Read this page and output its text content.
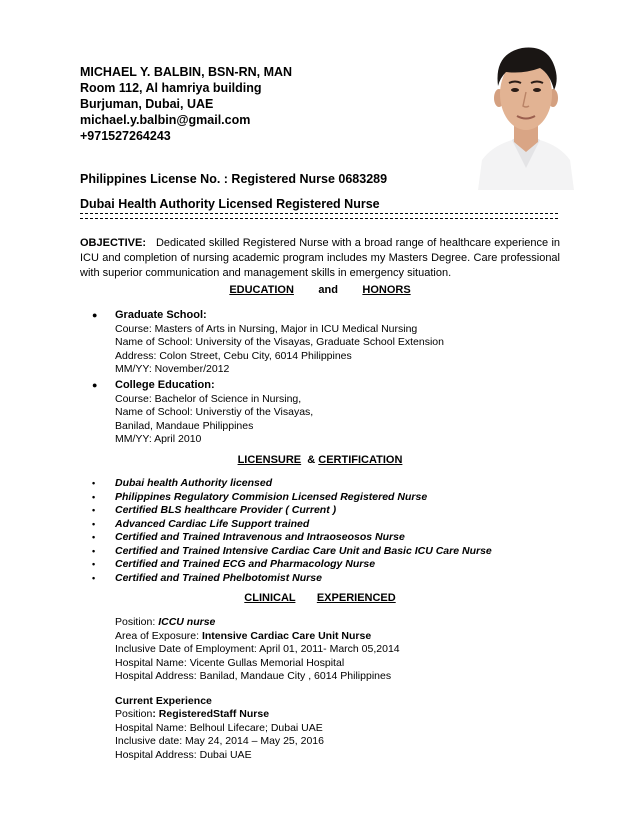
MICHAEL Y. BALBIN, BSN-RN, MAN
Room 112, Al hamriya building
Burjuman, Dubai, UAE
michael.y.balbin@gmail.com
+971527264243
Philippines License No. : Registered Nurse 0683289
Dubai Health Authority Licensed Registered Nurse
OBJECTIVE: Dedicated skilled Registered Nurse with a broad range of healthcare experience in ICU and completion of nursing academic program includes my Masters Degree. Care professional with superior communication and management skills in emergency situation.
EDUCATION and HONORS
●	Graduate School:
Course: Masters of Arts in Nursing, Major in ICU Medical Nursing
Name of School: University of the Visayas, Graduate School Extension
Address: Colon Street, Cebu City, 6014 Philippines
MM/YY: November/2012
●	College Education:
Course: Bachelor of Science in Nursing,
Name of School: Universtiy of the Visayas,
Banilad, Mandaue Philippines
MM/YY: April 2010
LICENSURE & CERTIFICATION
•	Dubai health Authority licensed
•	Philippines Regulatory Commision Licensed Registered Nurse
•	Certified BLS healthcare Provider ( Current )
•	Advanced Cardiac Life Support trained
•	Certified and Trained Intravenous and Intraoseosos Nurse
•	Certified and Trained Intensive Cardiac Care Unit and Basic ICU Care Nurse
•	Certified and Trained ECG and Pharmacology Nurse
•	Certified and Trained Phelbotomist Nurse
CLINICAL EXPERIENCED
Position: ICCU nurse
Area of Exposure: Intensive Cardiac Care Unit Nurse
Inclusive Date of Employment: April 01, 2011- March 05,2014
Hospital Name: Vicente Gullas Memorial Hospital
Hospital Address: Banilad, Mandaue City , 6014 Philippines
Current Experience
Position: RegisteredStaff Nurse
Hospital Name: Belhoul Lifecare; Dubai UAE
Inclusive date: May 24, 2014 – May 25, 2016
Hospital Address: Dubai UAE
